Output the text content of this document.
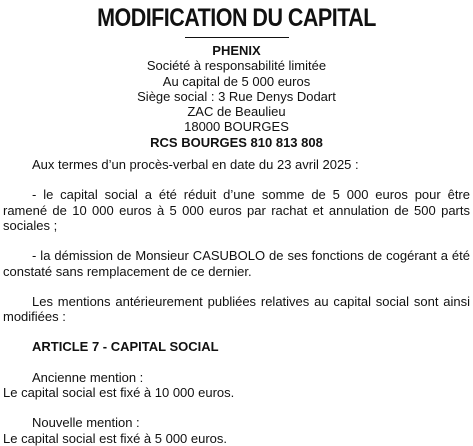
MODIFICATION DU CAPITAL
PHENIX
Société à responsabilité limitée
Au capital de 5 000 euros
Siège social : 3 Rue Denys Dodart
ZAC de Beaulieu
18000 BOURGES
RCS BOURGES 810 813 808

Aux termes d’un procès-verbal en date du 23 avril 2025 :

- le capital social a été réduit d’une somme de 5 000 euros pour être ramené de 10 000 euros à 5 000 euros par rachat et annulation de 500 parts sociales ;

- la démission de Monsieur CASUBOLO de ses fonctions de cogérant a été constaté sans remplacement de ce dernier.

Les mentions antérieurement publiées relatives au capital social sont ainsi modifiées :

ARTICLE 7 - CAPITAL SOCIAL
Ancienne mention :
Le capital social est fixé à 10 000 euros.
Nouvelle mention :
Le capital social est fixé à 5 000 euros.
